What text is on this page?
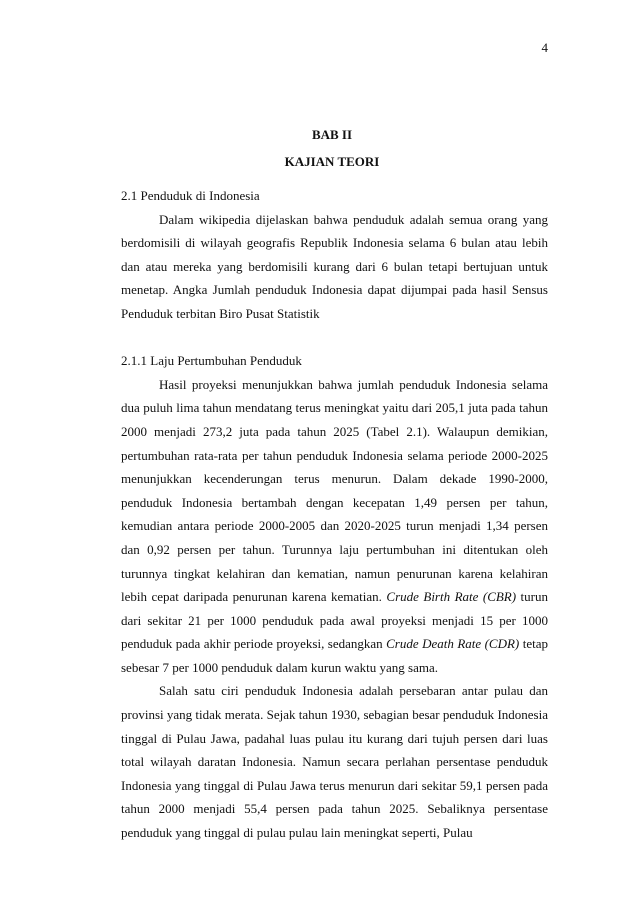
4
BAB II
KAJIAN TEORI
2.1 Penduduk di Indonesia

Dalam wikipedia dijelaskan bahwa penduduk adalah semua orang yang berdomisili di wilayah geografis Republik Indonesia selama 6 bulan atau lebih dan atau mereka yang berdomisili kurang dari 6 bulan tetapi bertujuan untuk menetap. Angka Jumlah penduduk Indonesia dapat dijumpai pada hasil Sensus Penduduk terbitan Biro Pusat Statistik

2.1.1 Laju Pertumbuhan Penduduk

Hasil proyeksi menunjukkan bahwa jumlah penduduk Indonesia selama dua puluh lima tahun mendatang terus meningkat yaitu dari 205,1 juta pada tahun 2000 menjadi 273,2 juta pada tahun 2025 (Tabel 2.1). Walaupun demikian, pertumbuhan rata-rata per tahun penduduk Indonesia selama periode 2000-2025 menunjukkan kecenderungan terus menurun. Dalam dekade 1990-2000, penduduk Indonesia bertambah dengan kecepatan 1,49 persen per tahun, kemudian antara periode 2000-2005 dan 2020-2025 turun menjadi 1,34 persen dan 0,92 persen per tahun. Turunnya laju pertumbuhan ini ditentukan oleh turunnya tingkat kelahiran dan kematian, namun penurunan karena kelahiran lebih cepat daripada penurunan karena kematian. Crude Birth Rate (CBR) turun dari sekitar 21 per 1000 penduduk pada awal proyeksi menjadi 15 per 1000 penduduk pada akhir periode proyeksi, sedangkan Crude Death Rate (CDR) tetap sebesar 7 per 1000 penduduk dalam kurun waktu yang sama.

Salah satu ciri penduduk Indonesia adalah persebaran antar pulau dan provinsi yang tidak merata. Sejak tahun 1930, sebagian besar penduduk Indonesia tinggal di Pulau Jawa, padahal luas pulau itu kurang dari tujuh persen dari luas total wilayah daratan Indonesia. Namun secara perlahan persentase penduduk Indonesia yang tinggal di Pulau Jawa terus menurun dari sekitar 59,1 persen pada tahun 2000 menjadi 55,4 persen pada tahun 2025. Sebaliknya persentase penduduk yang tinggal di pulau pulau lain meningkat seperti, Pulau
